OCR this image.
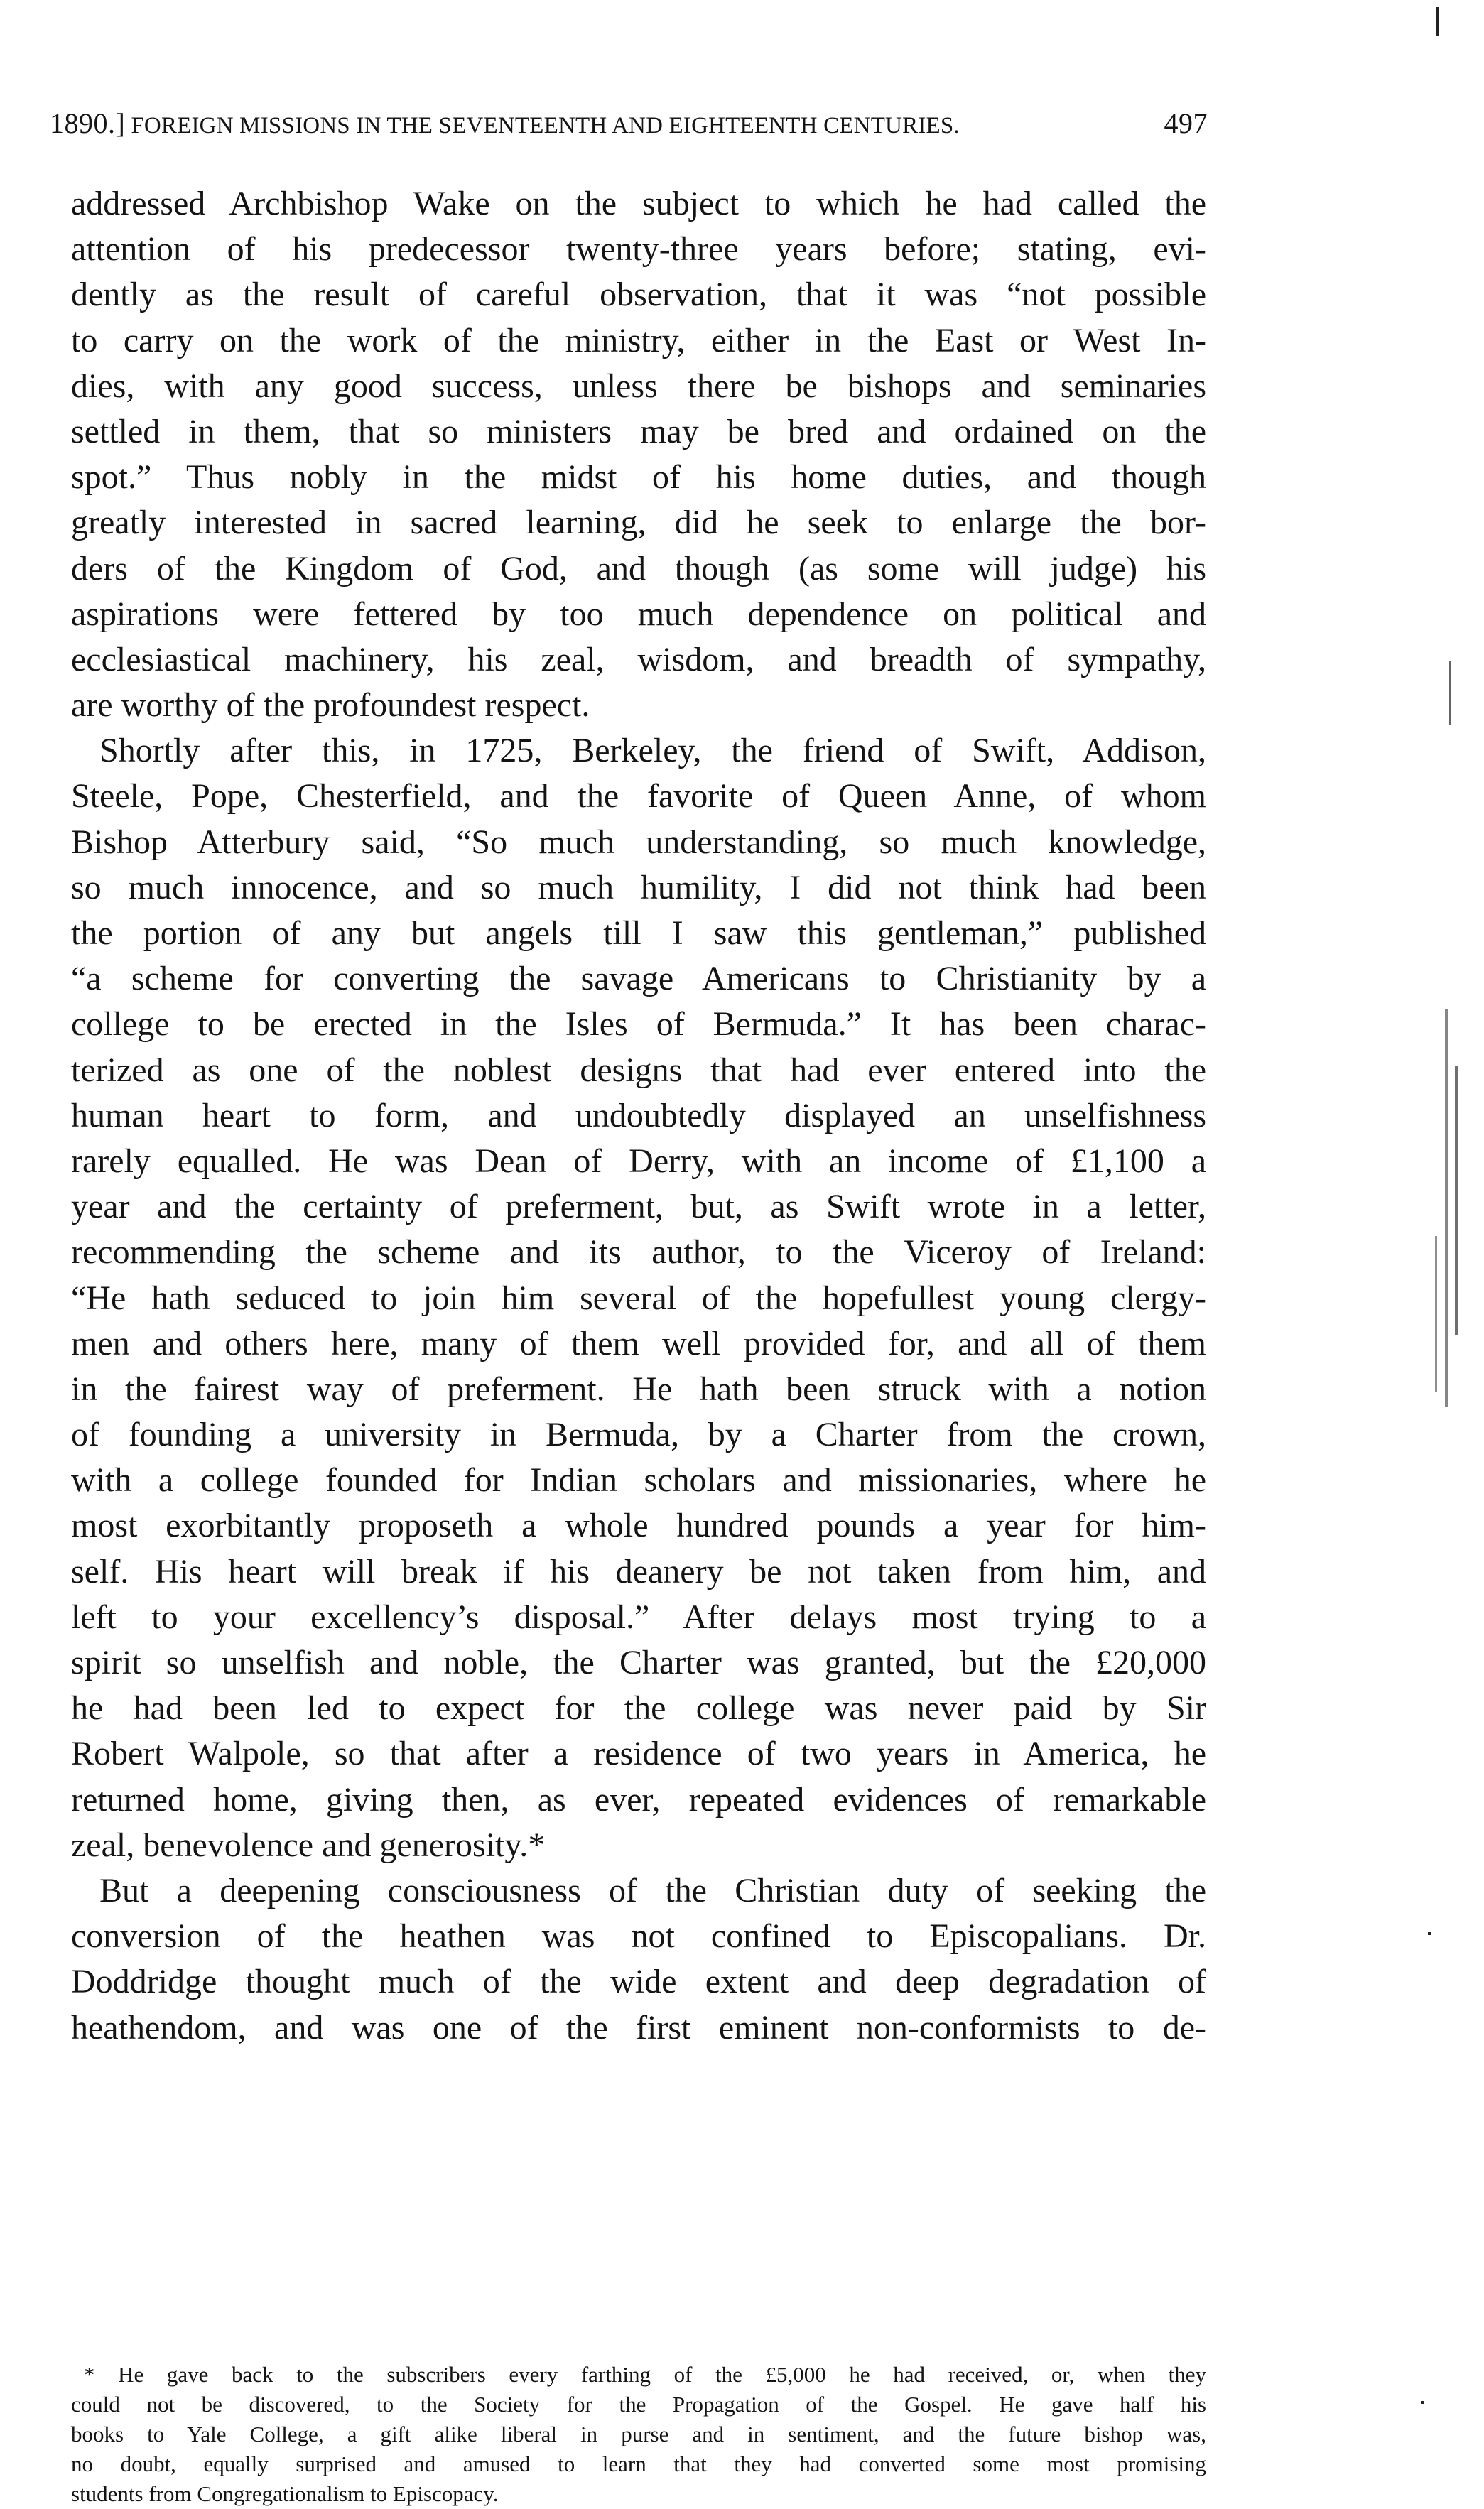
1890.] FOREIGN MISSIONS IN THE SEVENTEENTH AND EIGHTEENTH CENTURIES.	497
addressed Archbishop Wake on the subject to which he had called the
attention of his predecessor twenty-three years before; stating, evi-
dently as the result of careful observation, that it was “not possible
to carry on the work of the ministry, either in the East or West In-
dies, with any good success, unless there be bishops and seminaries
settled in them, that so ministers may be bred and ordained on the
spot.” Thus nobly in the midst of his home duties, and though
greatly interested in sacred learning, did he seek to enlarge the bor-
ders of the Kingdom of God, and though (as some will judge) his
aspirations were fettered by too much dependence on political and
ecclesiastical machinery, his zeal, wisdom, and breadth of sympathy,
are worthy of the profoundest respect.
Shortly after this, in 1725, Berkeley, the friend of Swift, Addison,
Steele, Pope, Chesterfield, and the favorite of Queen Anne, of whom
Bishop Atterbury said, “So much understanding, so much knowledge,
so much innocence, and so much humility, I did not think had been
the portion of any but angels till I saw this gentleman,” published
“a scheme for converting the savage Americans to Christianity by a
college to be erected in the Isles of Bermuda.” It has been charac-
terized as one of the noblest designs that had ever entered into the
human heart to form, and undoubtedly displayed an unselfishness
rarely equalled. He was Dean of Derry, with an income of £1,100 a
year and the certainty of preferment, but, as Swift wrote in a letter,
recommending the scheme and its author, to the Viceroy of Ireland:
“He hath seduced to join him several of the hopefullest young clergy-
men and others here, many of them well provided for, and all of them
in the fairest way of preferment. He hath been struck with a notion
of founding a university in Bermuda, by a Charter from the crown,
with a college founded for Indian scholars and missionaries, where he
most exorbitantly proposeth a whole hundred pounds a year for him-
self. His heart will break if his deanery be not taken from him, and
left to your excellency’s disposal.” After delays most trying to a
spirit so unselfish and noble, the Charter was granted, but the £20,000
he had been led to expect for the college was never paid by Sir
Robert Walpole, so that after a residence of two years in America, he
returned home, giving then, as ever, repeated evidences of remarkable
zeal, benevolence and generosity.*
But a deepening consciousness of the Christian duty of seeking the
conversion of the heathen was not confined to Episcopalians. Dr.
Doddridge thought much of the wide extent and deep degradation of
heathendom, and was one of the first eminent non-conformists to de-
* He gave back to the subscribers every farthing of the £5,000 he had received, or, when they
could not be discovered, to the Society for the Propagation of the Gospel. He gave half his
books to Yale College, a gift alike liberal in purse and in sentiment, and the future bishop was,
no doubt, equally surprised and amused to learn that they had converted some most promising
students from Congregationalism to Episcopacy.
